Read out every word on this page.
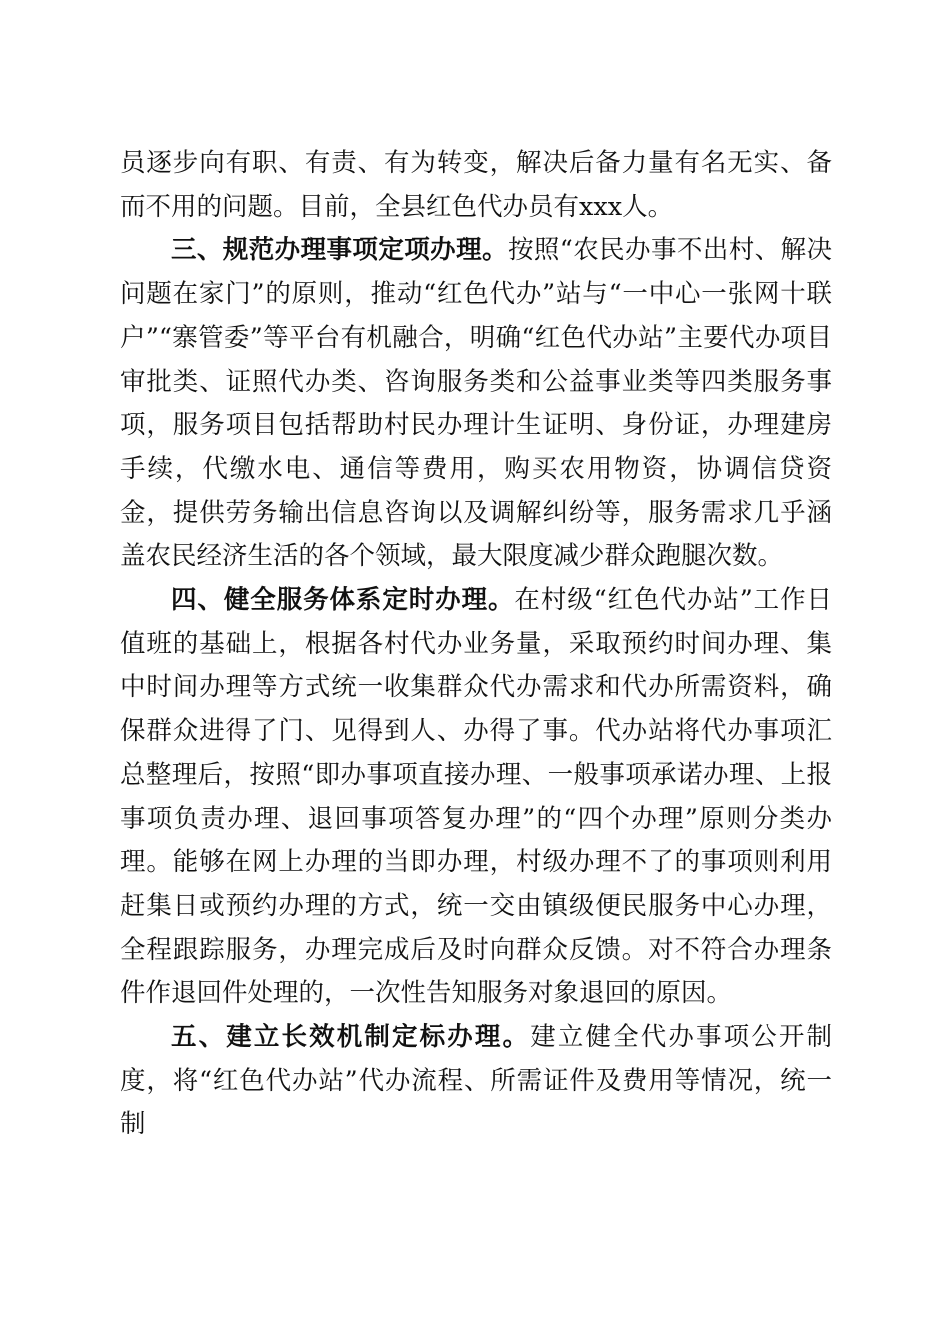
员逐步向有职、有责、有为转变，解决后备力量有名无实、备而不用的问题。目前，全县红色代办员有xxx人。

三、规范办理事项定项办理。按照“农民办事不出村、解决问题在家门”的原则，推动“红色代办”站与“一中心一张网十联户”“寨管委”等平台有机融合，明确“红色代办站”主要代办项目审批类、证照代办类、咨询服务类和公益事业类等四类服务事项，服务项目包括帮助村民办理计生证明、身份证，办理建房手续，代缴水电、通信等费用，购买农用物资，协调信贷资金，提供劳务输出信息咨询以及调解纠纷等，服务需求几乎涵盖农民经济生活的各个领域，最大限度减少群众跑腿次数。

四、健全服务体系定时办理。在村级“红色代办站”工作日值班的基础上，根据各村代办业务量，采取预约时间办理、集中时间办理等方式统一收集群众代办需求和代办所需资料，确保群众进得了门、见得到人、办得了事。代办站将代办事项汇总整理后，按照“即办事项直接办理、一般事项承诺办理、上报事项负责办理、退回事项答复办理”的“四个办理”原则分类办理。能够在网上办理的当即办理，村级办理不了的事项则利用赶集日或预约办理的方式，统一交由镇级便民服务中心办理，全程跟踪服务，办理完成后及时向群众反馈。对不符合办理条件作退回件处理的，一次性告知服务对象退回的原因。

五、建立长效机制定标办理。建立健全代办事项公开制度，将“红色代办站”代办流程、所需证件及费用等情况，统一制
